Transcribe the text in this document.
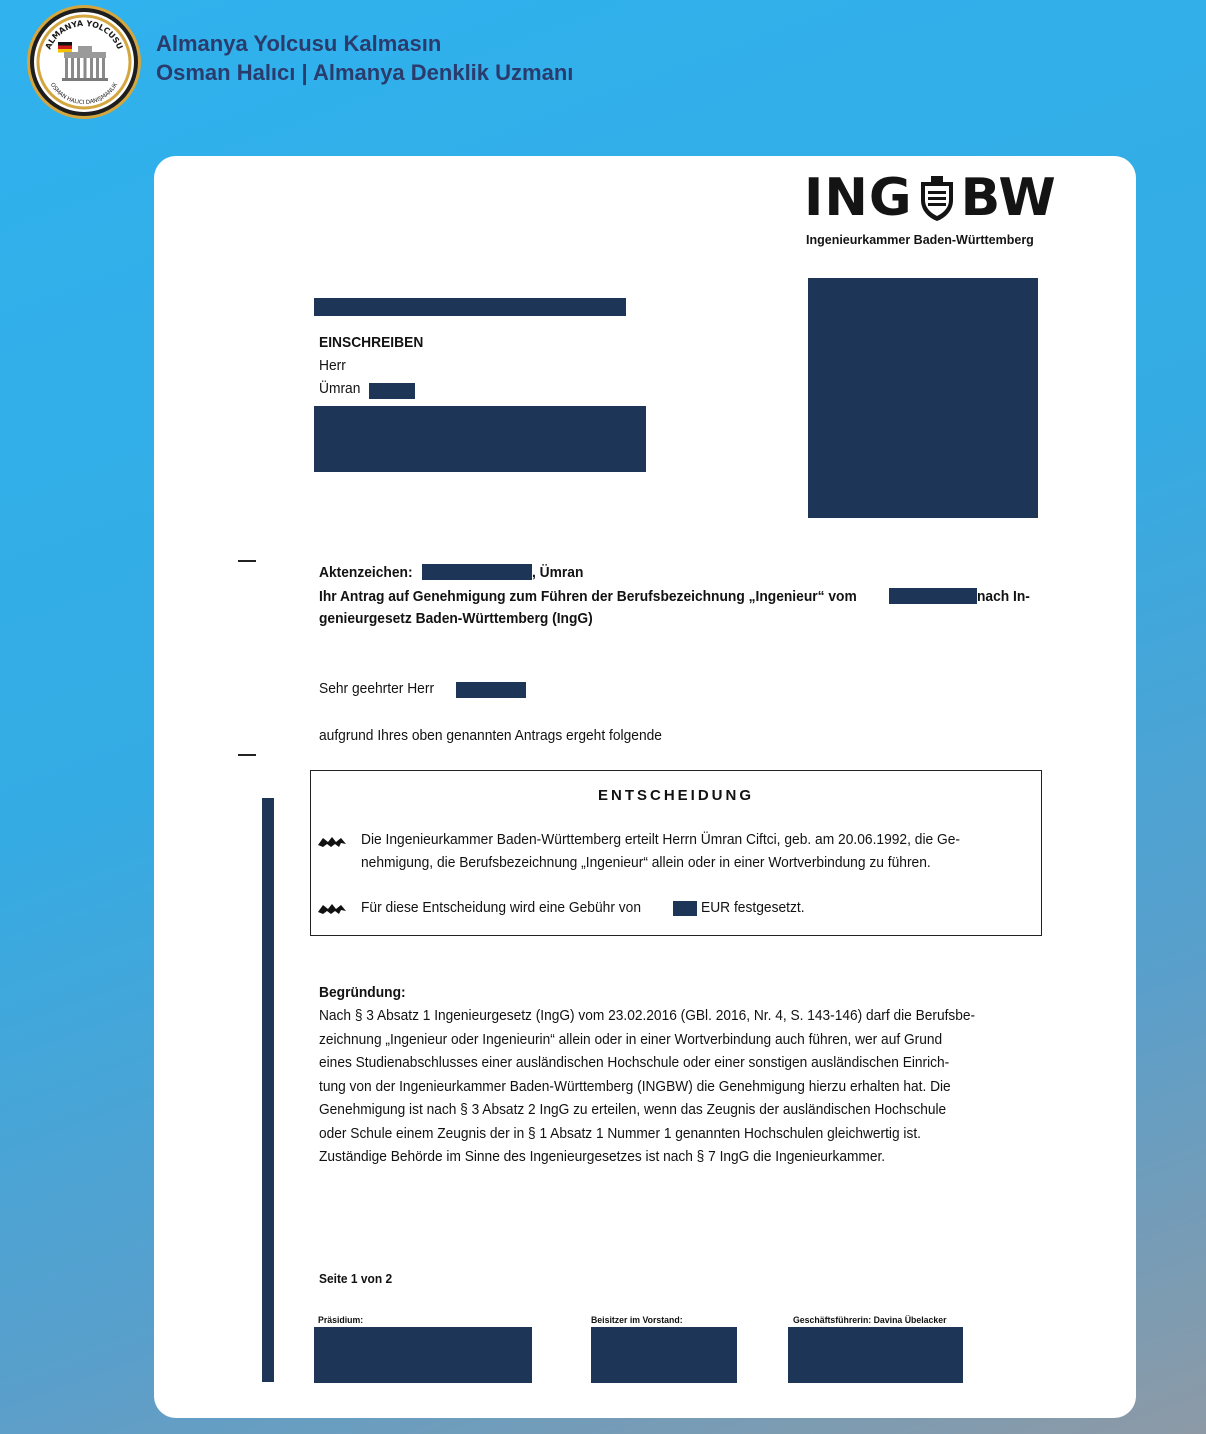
ALMANYA YOLCUSU
OSMAN HALICI DANIŞMANLIK
Almanya Yolcusu Kalmasın
Osman Halıcı | Almanya Denklik Uzmanı
ING BW
Ingenieurkammer Baden-Württemberg
EINSCHREIBEN
Herr
Ümran
Aktenzeichen:	, Ümran
Ihr Antrag auf Genehmigung zum Führen der Berufsbezeichnung „Ingenieur“ vom	nach In-
genieurgesetz Baden-Württemberg (IngG)
Sehr geehrter Herr
aufgrund Ihres oben genannten Antrags ergeht folgende
ENTSCHEIDUNG
Die Ingenieurkammer Baden-Württemberg erteilt Herrn Ümran Ciftci, geb. am 20.06.1992, die Ge-
nehmigung, die Berufsbezeichnung „Ingenieur“ allein oder in einer Wortverbindung zu führen.
Für diese Entscheidung wird eine Gebühr von	EUR festgesetzt.
Begründung:
Nach § 3 Absatz 1 Ingenieurgesetz (IngG) vom 23.02.2016 (GBl. 2016, Nr. 4, S. 143-146) darf die Berufsbe-
zeichnung „Ingenieur oder Ingenieurin“ allein oder in einer Wortverbindung auch führen, wer auf Grund
eines Studienabschlusses einer ausländischen Hochschule oder einer sonstigen ausländischen Einrich-
tung von der Ingenieurkammer Baden-Württemberg (INGBW) die Genehmigung hierzu erhalten hat. Die
Genehmigung ist nach § 3 Absatz 2 IngG zu erteilen, wenn das Zeugnis der ausländischen Hochschule
oder Schule einem Zeugnis der in § 1 Absatz 1 Nummer 1 genannten Hochschulen gleichwertig ist.
Zuständige Behörde im Sinne des Ingenieurgesetzes ist nach § 7 IngG die Ingenieurkammer.
Seite 1 von 2
Präsidium:	Beisitzer im Vorstand:	Geschäftsführerin: Davina Übelacker
